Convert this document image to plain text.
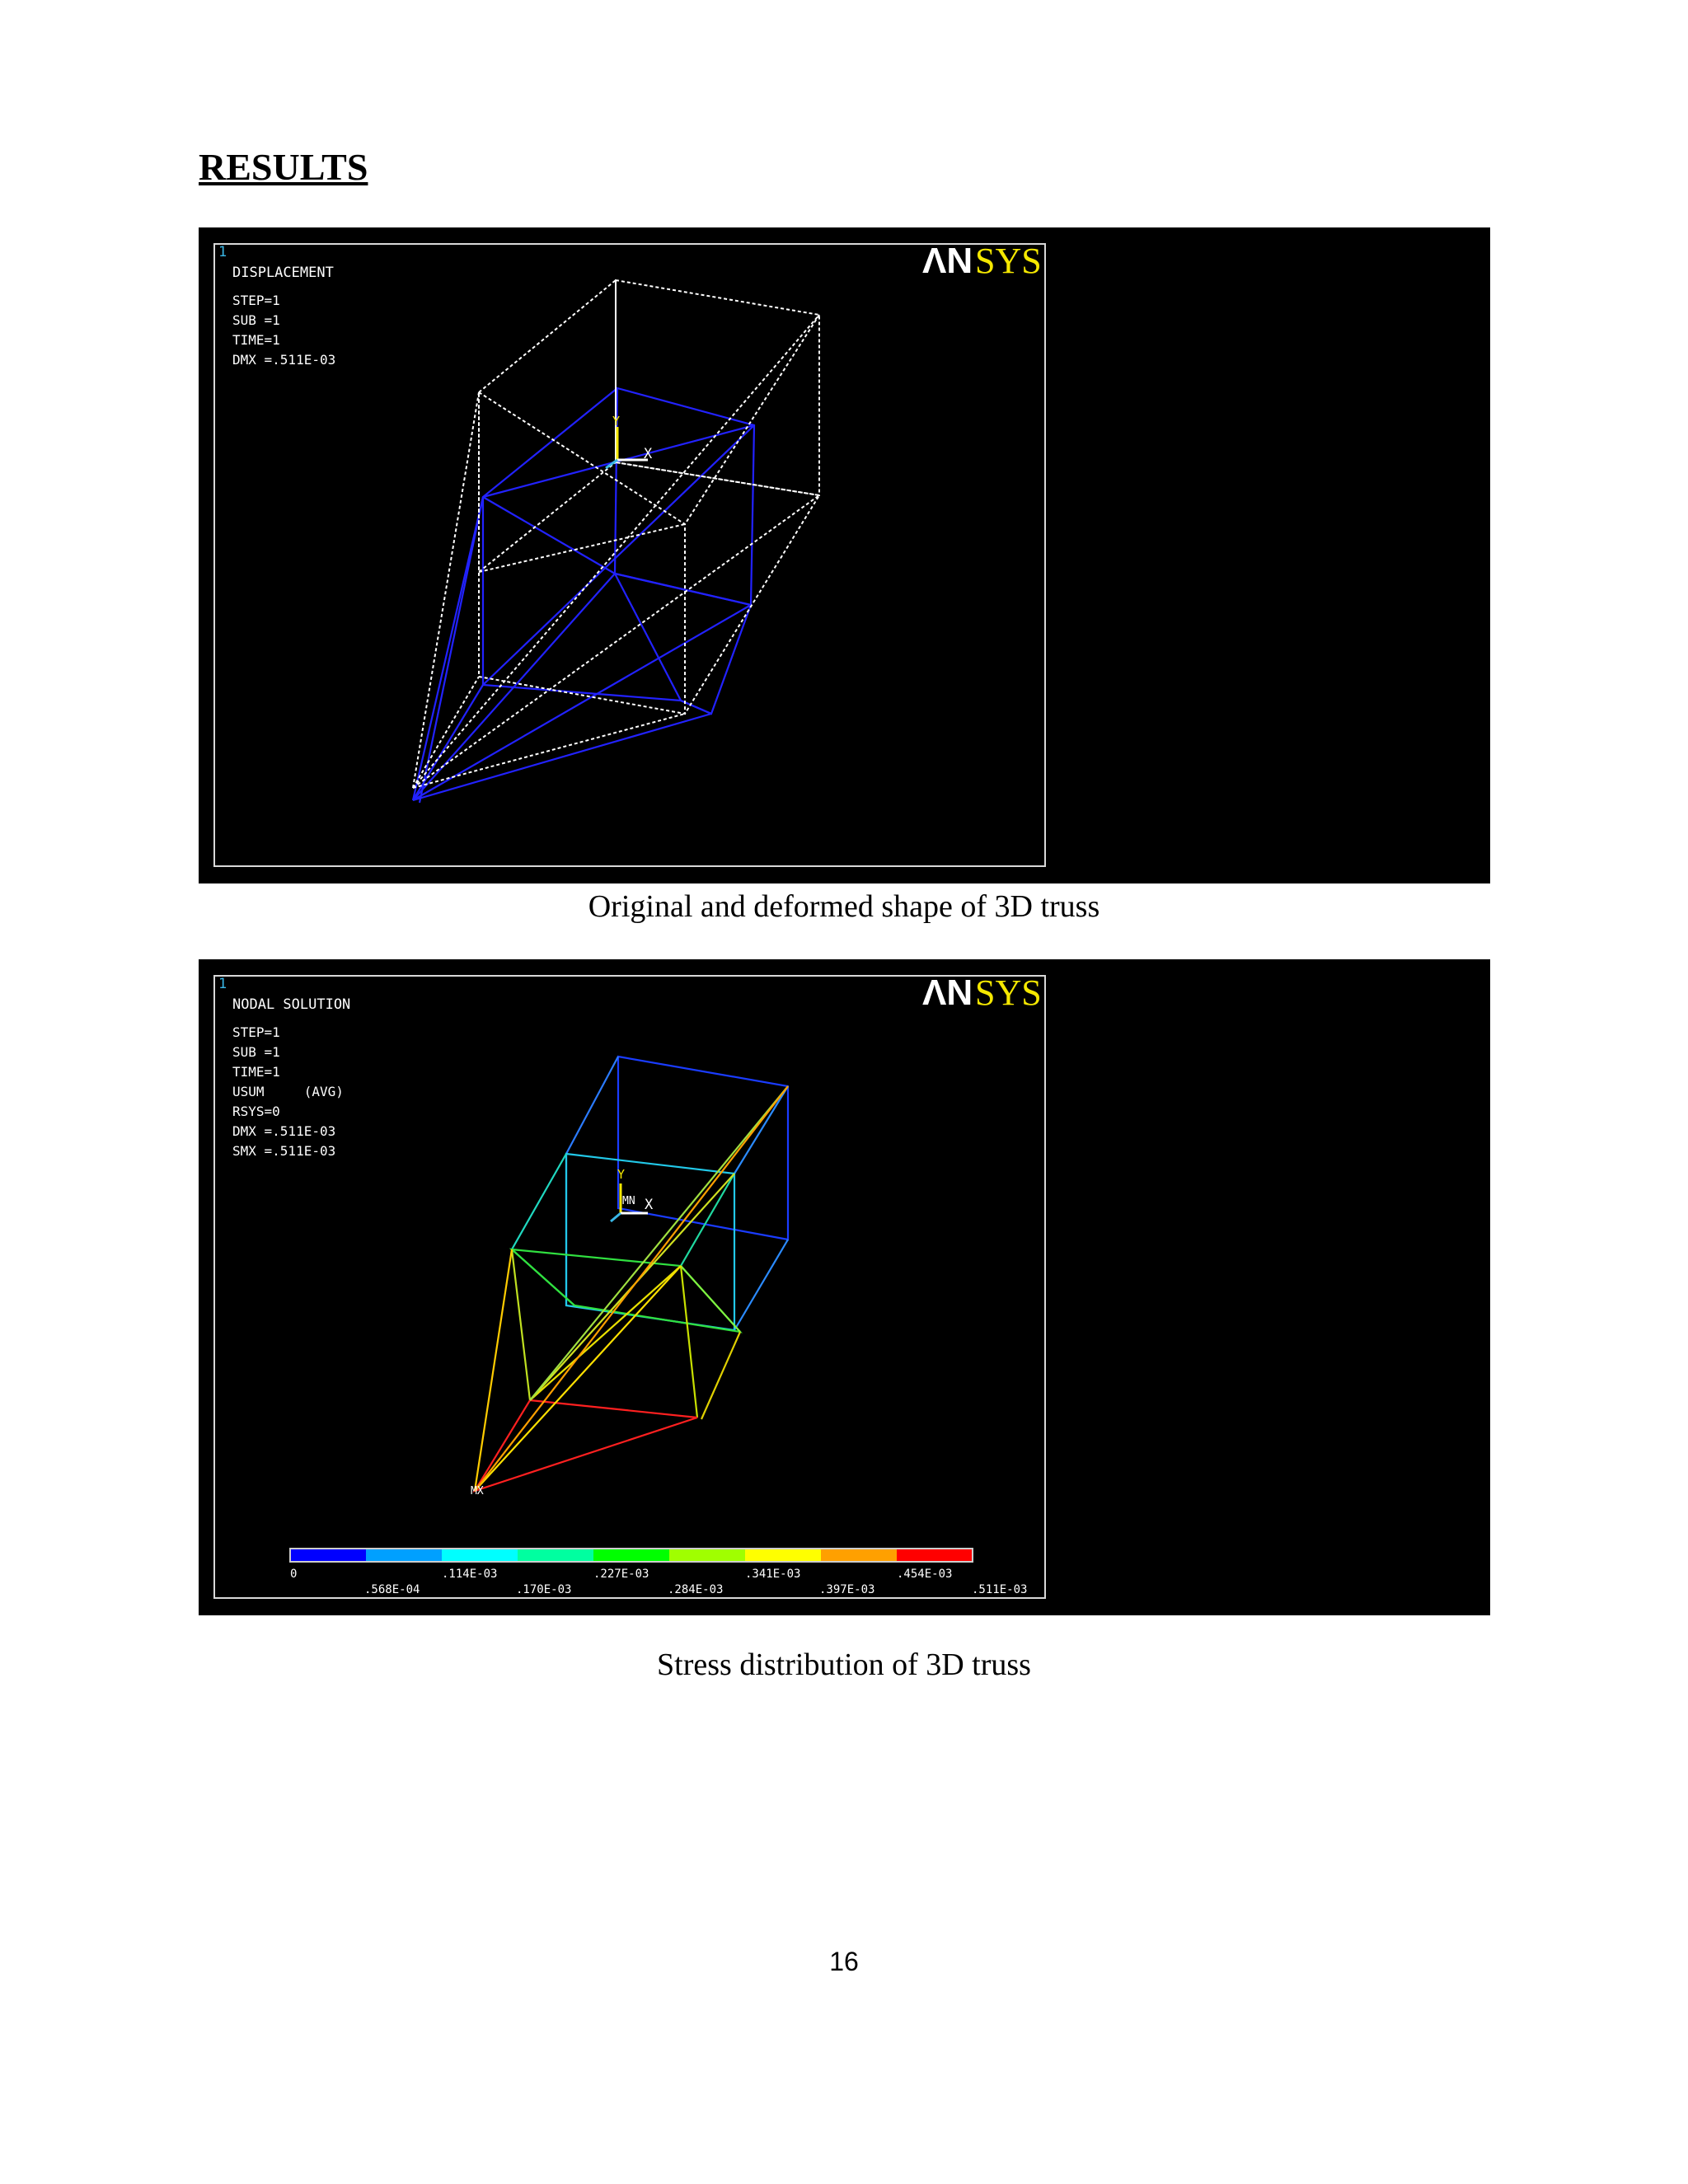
RESULTS
1
DISPLACEMENT
STEP=1
SUB =1
TIME=1
DMX =.511E-03
ΛN SYS
Y
X
Original and deformed shape of 3D truss
1
NODAL SOLUTION
STEP=1
SUB =1
TIME=1
USUM     (AVG)
RSYS=0
DMX =.511E-03
SMX =.511E-03
ΛN SYS
Y
X
MN
MX
0	.114E-03	.227E-03	.341E-03	.454E-03
.568E-04	.170E-03	.284E-03	.397E-03	.511E-03
Stress distribution of 3D truss
16
